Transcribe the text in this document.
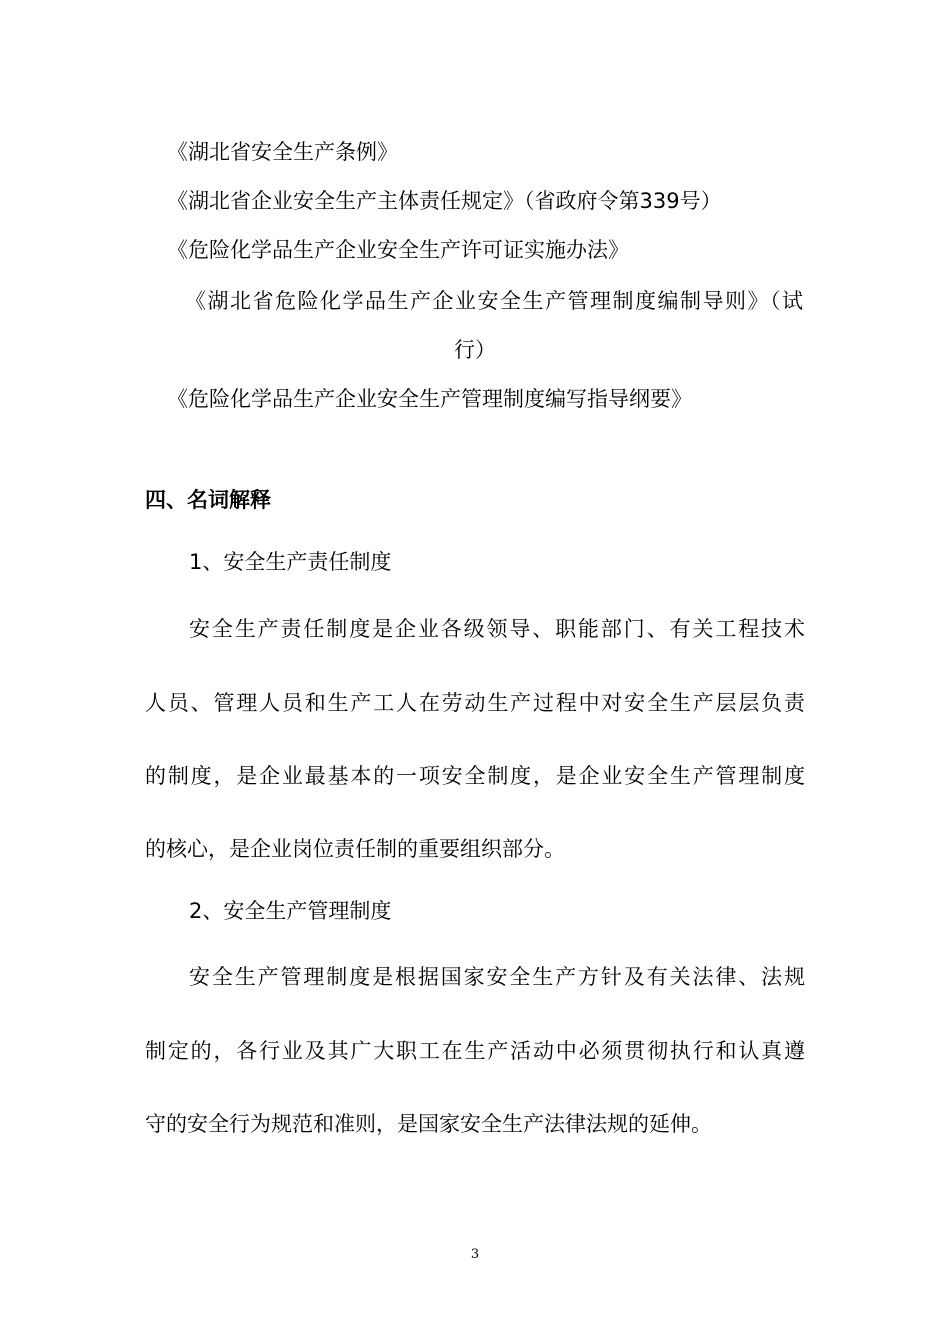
《湖北省安全生产条例》

《湖北省企业安全生产主体责任规定》（省政府令第339号）

《危险化学品生产企业安全生产许可证实施办法》

《湖北省危险化学品生产企业安全生产管理制度编制导则》（试

行）

《危险化学品生产企业安全生产管理制度编写指导纲要》

四、名词解释

1、安全生产责任制度

安全生产责任制度是企业各级领导、职能部门、有关工程技术

人员、管理人员和生产工人在劳动生产过程中对安全生产层层负责

的制度，是企业最基本的一项安全制度，是企业安全生产管理制度

的核心，是企业岗位责任制的重要组织部分。

2、安全生产管理制度

安全生产管理制度是根据国家安全生产方针及有关法律、法规

制定的，各行业及其广大职工在生产活动中必须贯彻执行和认真遵

守的安全行为规范和准则，是国家安全生产法律法规的延伸。

3
